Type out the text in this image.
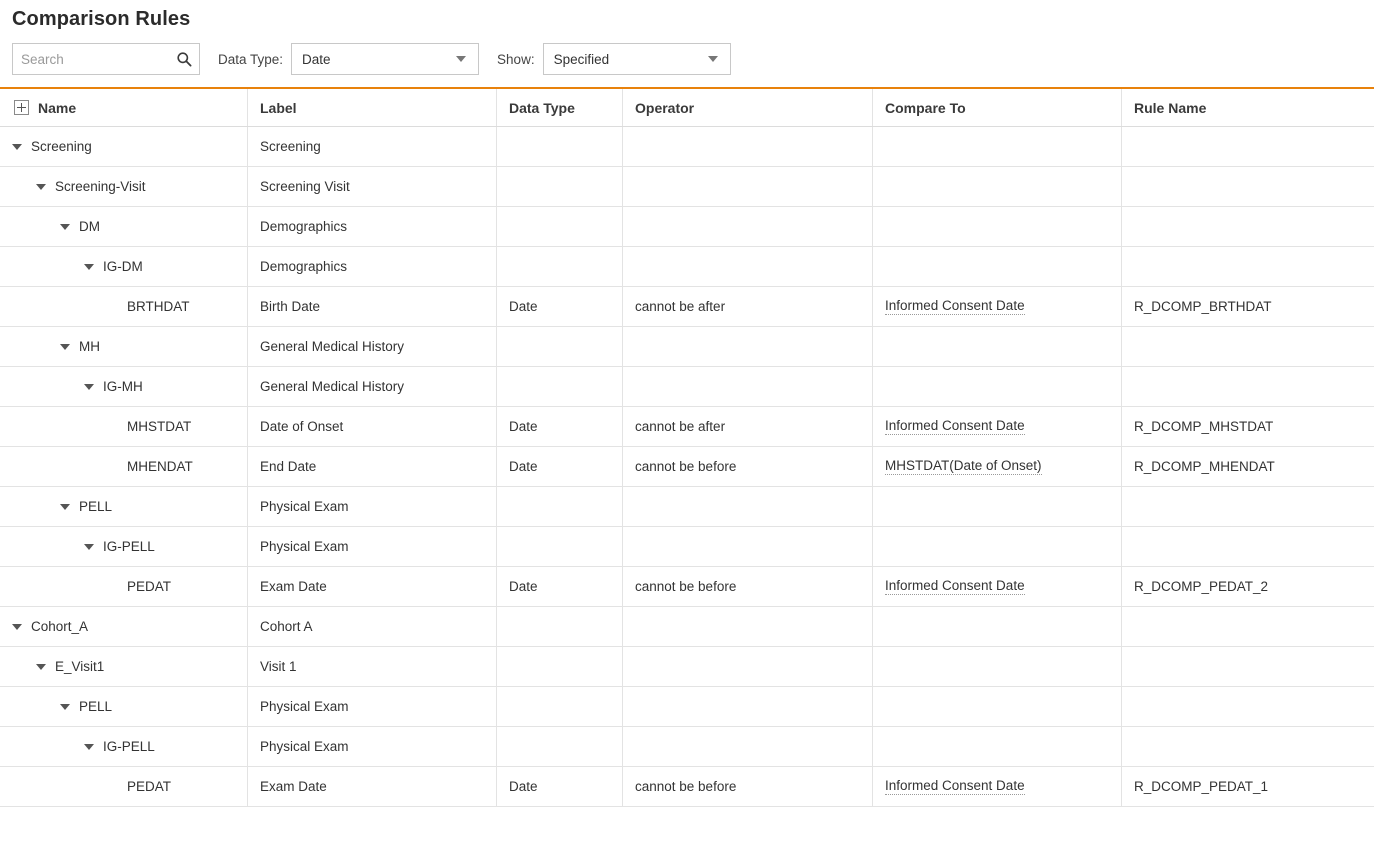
Comparison Rules
Search
Data Type:	Date	Show:	Specified
Name	Label	Data Type	Operator	Compare To	Rule Name
Screening	Screening
Screening-Visit	Screening Visit
DM	Demographics
IG-DM	Demographics
BRTHDAT	Birth Date	Date	cannot be after	Informed Consent Date	R_DCOMP_BRTHDAT
MH	General Medical History
IG-MH	General Medical History
MHSTDAT	Date of Onset	Date	cannot be after	Informed Consent Date	R_DCOMP_MHSTDAT
MHENDAT	End Date	Date	cannot be before	MHSTDAT(Date of Onset)	R_DCOMP_MHENDAT
PELL	Physical Exam
IG-PELL	Physical Exam
PEDAT	Exam Date	Date	cannot be before	Informed Consent Date	R_DCOMP_PEDAT_2
Cohort_A	Cohort A
E_Visit1	Visit 1
PELL	Physical Exam
IG-PELL	Physical Exam
PEDAT	Exam Date	Date	cannot be before	Informed Consent Date	R_DCOMP_PEDAT_1
